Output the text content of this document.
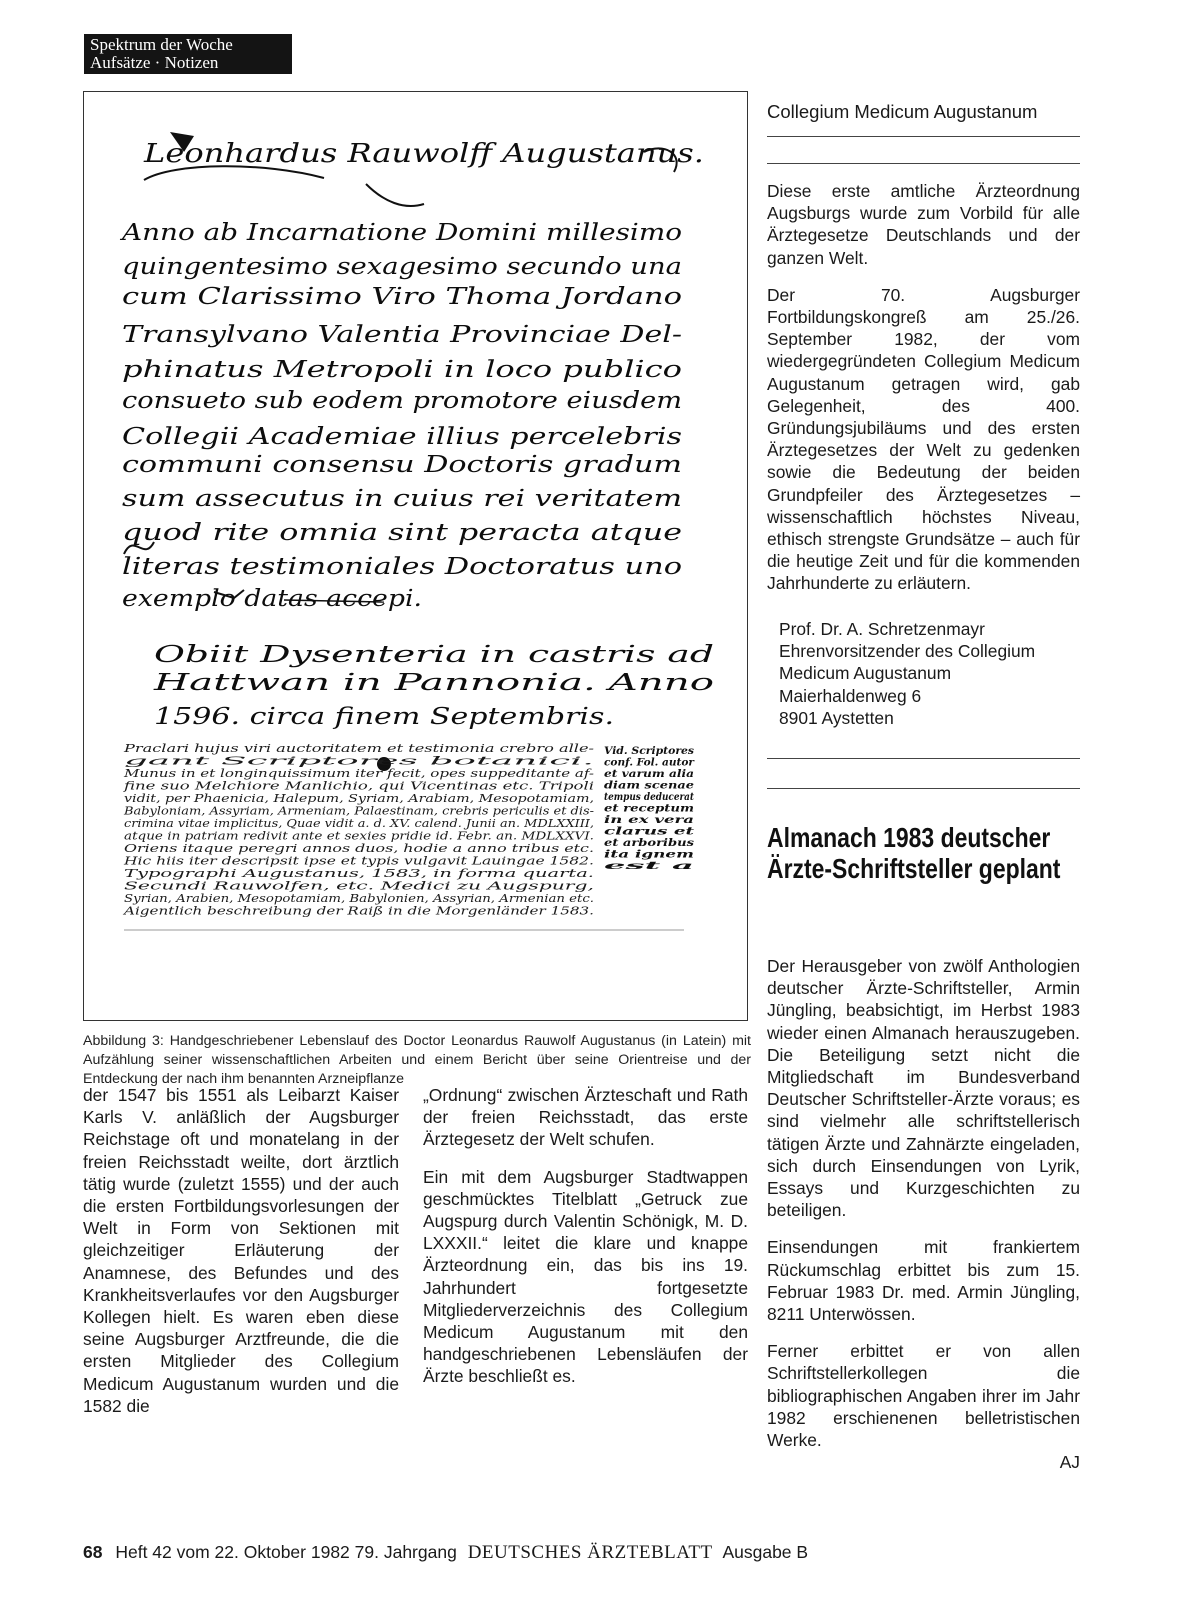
Spektrum der Woche
Aufsätze · Notizen
Leonhardus Rauwolff Augustanus.
Anno ab Incarnatione Domini millesimo
quingentesimo sexagesimo secundo una
cum Clarissimo Viro Thoma Jordano
Transylvano Valentia Provinciae Del-
phinatus Metropoli in loco publico
consueto sub eodem promotore eiusdem
Collegii Academiae illius percelebris
communi consensu Doctoris gradum
sum assecutus in cuius rei veritatem
quod rite omnia sint peracta atque
literas testimoniales Doctoratus uno
exemplo datas accepi.
Obiit Dysenteria in castris ad
Hattwan in Pannonia. Anno
1596. circa finem Septembris.
Praclari hujus viri auctoritatem et testimonia crebro alle-
gant Scriptores botanici.
Munus in et longinquissimum iter fecit, opes suppeditante af-
fine suo Melchiore Manlichio, qui Vicentinas etc. Tripoli
vidit, per Phaenicia, Halepum, Syriam, Arabiam, Mesopotamiam,
Babyloniam, Assyriam, Armeniam, Palaestinam, crebris periculis et dis-
crimina vitae implicitus, Quae vidit a. d. XV. calend. Junii an. MDLXXIII,
atque in patriam redivit ante et sexies pridie id. Febr. an. MDLXXVI.
Oriens itaque peregri annos duos, hodie a anno tribus etc.
Hic hiis iter descripsit ipse et typis vulgavit Lauingae 1582.
Typographi Augustanus, 1583, in forma quarta.
Secundi Rauwolfen, etc. Medici zu Augspurg,
Syrian, Arabien, Mesopotamiam, Babylonien, Assyrian, Armenian etc.
Aigentlich beschreibung der Raiß in die Morgenländer 1583.
Vid. Scriptores
conf. Fol. autor
et varum alia
diam scenae
tempus deducerat
et receptum
in ex vera
clarus et
et arboribus
ita ignem
est a
Abbildung 3: Handgeschriebener Lebenslauf des Doctor Leonardus Rauwolf Augustanus (in Latein) mit Aufzählung seiner wissenschaftlichen Arbeiten und einem Bericht über seine Orientreise und der Entdeckung der nach ihm benannten Arzneipflanze

der 1547 bis 1551 als Leibarzt Kaiser Karls V. anläßlich der Augsburger Reichstage oft und monatelang in der freien Reichsstadt weilte, dort ärztlich tätig wurde (zuletzt 1555) und der auch die ersten Fortbildungsvorlesungen der Welt in Form von Sektionen mit gleichzeitiger Erläuterung der Anamnese, des Befundes und des Krankheitsverlaufes vor den Augsburger Kollegen hielt. Es waren eben diese seine Augsburger Arztfreunde, die die ersten Mitglieder des Collegium Medicum Augustanum wurden und die 1582 die

„Ordnung“ zwischen Ärzteschaft und Rath der freien Reichsstadt, das erste Ärztegesetz der Welt schufen.

Ein mit dem Augsburger Stadtwappen geschmücktes Titelblatt „Getruck zue Augspurg durch Valentin Schönigk, M. D. LXXXII.“ leitet die klare und knappe Ärzteordnung ein, das bis ins 19. Jahrhundert fortgesetzte Mitgliederverzeichnis des Collegium Medicum Augustanum mit den handgeschriebenen Lebensläufen der Ärzte beschließt es.

Collegium Medicum Augustanum

Diese erste amtliche Ärzteordnung Augsburgs wurde zum Vorbild für alle Ärztegesetze Deutschlands und der ganzen Welt.

Der 70. Augsburger Fortbildungskongreß am 25./26. September 1982, der vom wiedergegründeten Collegium Medicum Augustanum getragen wird, gab Gelegenheit, des 400. Gründungsjubiläums und des ersten Ärztegesetzes der Welt zu gedenken sowie die Bedeutung der beiden Grundpfeiler des Ärztegesetzes – wissenschaftlich höchstes Niveau, ethisch strengste Grundsätze – auch für die heutige Zeit und für die kommenden Jahrhunderte zu erläutern.

Prof. Dr. A. Schretzenmayr
Ehrenvorsitzender des Collegium Medicum Augustanum
Maierhaldenweg 6
8901 Aystetten
Almanach 1983 deutscher Ärzte-Schriftsteller geplant

Der Herausgeber von zwölf Anthologien deutscher Ärzte-Schriftsteller, Armin Jüngling, beabsichtigt, im Herbst 1983 wieder einen Almanach herauszugeben. Die Beteiligung setzt nicht die Mitgliedschaft im Bundesverband Deutscher Schriftsteller-Ärzte voraus; es sind vielmehr alle schriftstellerisch tätigen Ärzte und Zahnärzte eingeladen, sich durch Einsendungen von Lyrik, Essays und Kurzgeschichten zu beteiligen.

Einsendungen mit frankiertem Rückumschlag erbittet bis zum 15. Februar 1983 Dr. med. Armin Jüngling, 8211 Unterwössen.

Ferner erbittet er von allen Schriftstellerkollegen die bibliographischen Angaben ihrer im Jahr 1982 erschienenen belletristischen Werke.

AJ
68 Heft 42 vom 22. Oktober 1982 79. Jahrgang DEUTSCHES ÄRZTEBLATT Ausgabe B
